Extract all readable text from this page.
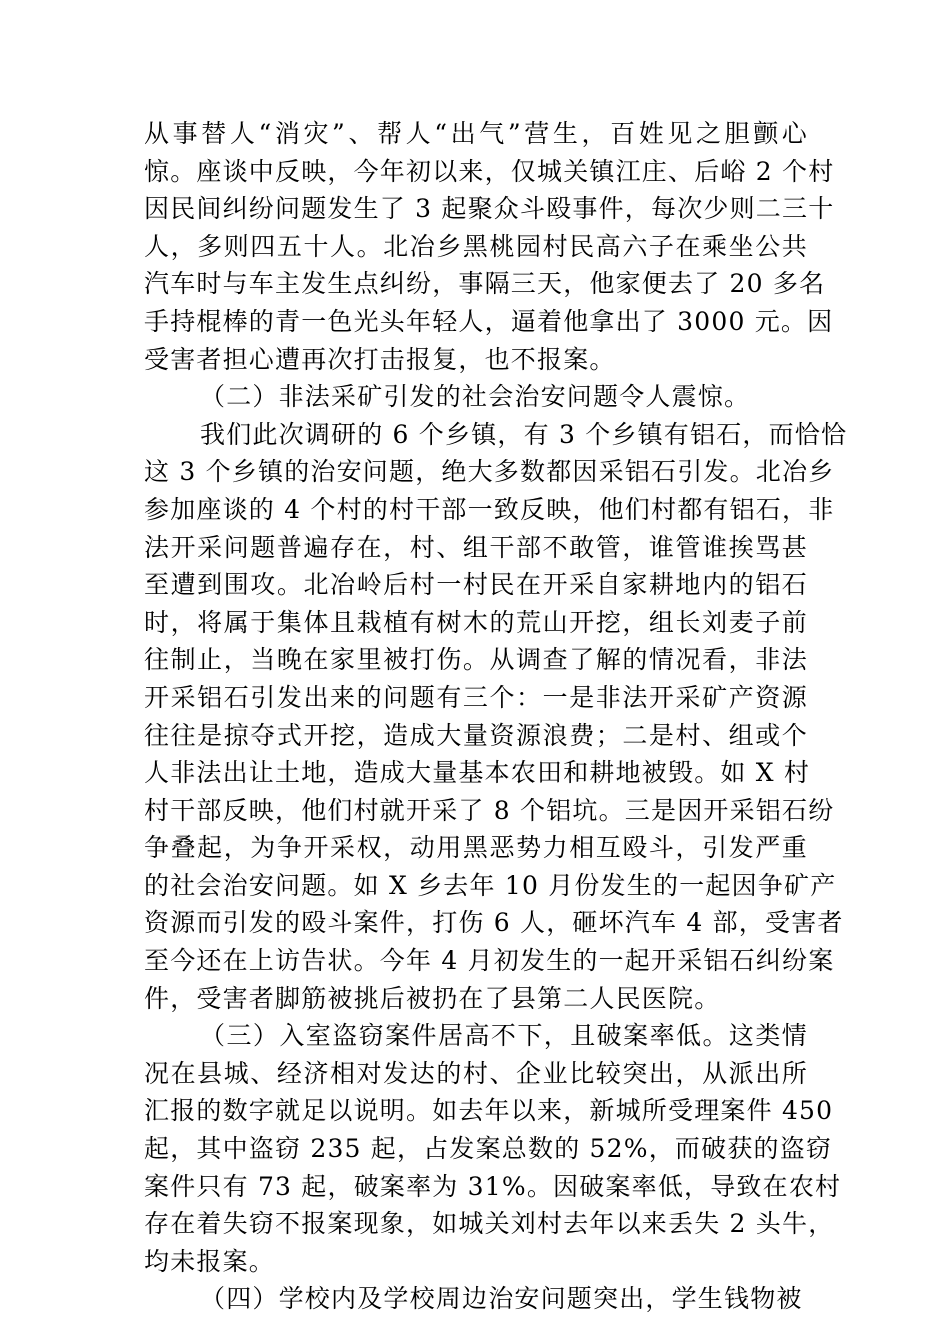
从事替人“消灾”、帮人“出气”营生，百姓见之胆颤心
惊。座谈中反映，今年初以来，仅城关镇江庄、后峪 2 个村
因民间纠纷问题发生了 3 起聚众斗殴事件，每次少则二三十
人，多则四五十人。北冶乡黑桃园村民高六子在乘坐公共
汽车时与车主发生点纠纷，事隔三天，他家便去了 20 多名
手持棍棒的青一色光头年轻人，逼着他拿出了 3000 元。因
受害者担心遭再次打击报复，也不报案。

（二）非法采矿引发的社会治安问题令人震惊。

我们此次调研的 6 个乡镇，有 3 个乡镇有铝石，而恰恰
这 3 个乡镇的治安问题，绝大多数都因采铝石引发。北冶乡
参加座谈的 4 个村的村干部一致反映，他们村都有铝石，非
法开采问题普遍存在，村、组干部不敢管，谁管谁挨骂甚
至遭到围攻。北冶岭后村一村民在开采自家耕地内的铝石
时，将属于集体且栽植有树木的荒山开挖，组长刘麦子前
往制止，当晚在家里被打伤。从调查了解的情况看，非法
开采铝石引发出来的问题有三个：一是非法开采矿产资源
往往是掠夺式开挖，造成大量资源浪费；二是村、组或个
人非法出让土地，造成大量基本农田和耕地被毁。如 X 村
村干部反映，他们村就开采了 8 个铝坑。三是因开采铝石纷
争叠起，为争开采权，动用黑恶势力相互殴斗，引发严重
的社会治安问题。如 X 乡去年 10 月份发生的一起因争矿产
资源而引发的殴斗案件，打伤 6 人，砸坏汽车 4 部，受害者
至今还在上访告状。今年 4 月初发生的一起开采铝石纠纷案
件，受害者脚筋被挑后被扔在了县第二人民医院。

（三）入室盗窃案件居高不下，且破案率低。这类情
况在县城、经济相对发达的村、企业比较突出，从派出所
汇报的数字就足以说明。如去年以来，新城所受理案件 450
起，其中盗窃 235 起，占发案总数的 52%，而破获的盗窃
案件只有 73 起，破案率为 31%。因破案率低，导致在农村
存在着失窃不报案现象，如城关刘村去年以来丢失 2 头牛，
均未报案。

（四）学校内及学校周边治安问题突出，学生钱物被
